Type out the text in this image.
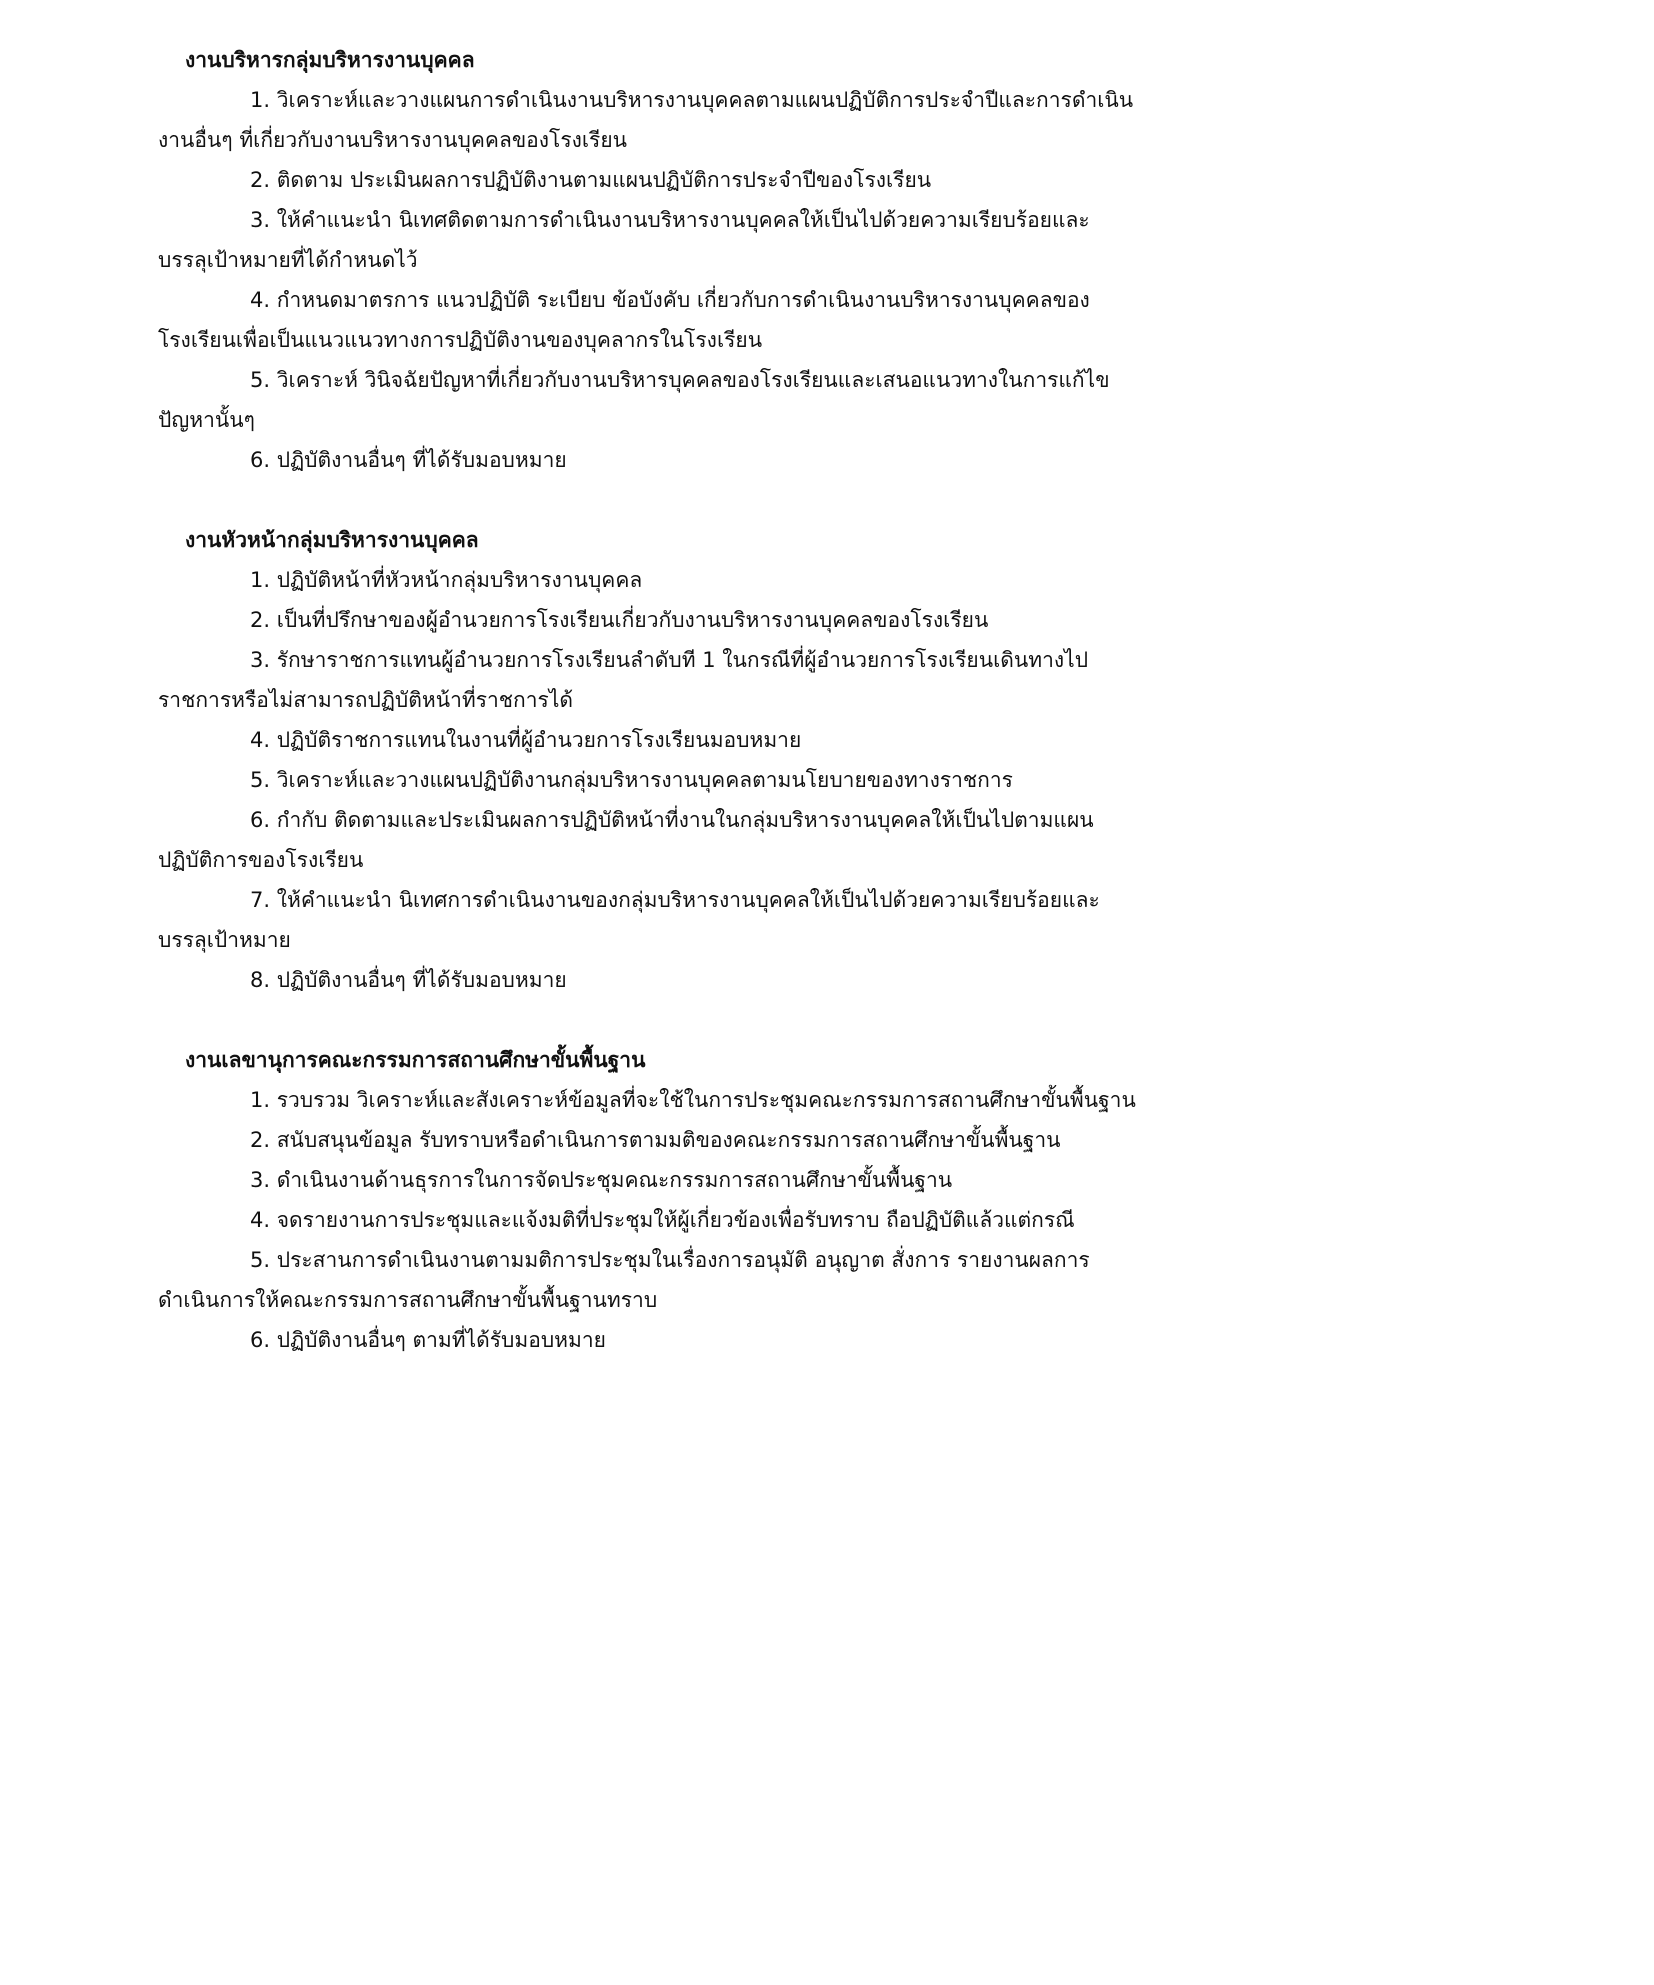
งานบริหารกลุ่มบริหารงานบุคคล

1. วิเคราะห์และวางแผนการดำเนินงานบริหารงานบุคคลตามแผนปฏิบัติการประจำปีและการดำเนินงานอื่นๆ ที่เกี่ยวกับงานบริหารงานบุคคลของโรงเรียน

2. ติดตาม ประเมินผลการปฏิบัติงานตามแผนปฏิบัติการประจำปีของโรงเรียน

3. ให้คำแนะนำ นิเทศติดตามการดำเนินงานบริหารงานบุคคลให้เป็นไปด้วยความเรียบร้อยและบรรลุเป้าหมายที่ได้กำหนดไว้

4. กำหนดมาตรการ แนวปฏิบัติ ระเบียบ ข้อบังคับ เกี่ยวกับการดำเนินงานบริหารงานบุคคลของโรงเรียนเพื่อเป็นแนวแนวทางการปฏิบัติงานของบุคลากรในโรงเรียน

5. วิเคราะห์ วินิจฉัยปัญหาที่เกี่ยวกับงานบริหารบุคคลของโรงเรียนและเสนอแนวทางในการแก้ไขปัญหานั้นๆ

6. ปฏิบัติงานอื่นๆ ที่ได้รับมอบหมาย

งานหัวหน้ากลุ่มบริหารงานบุคคล

1. ปฏิบัติหน้าที่หัวหน้ากลุ่มบริหารงานบุคคล

2. เป็นที่ปรึกษาของผู้อำนวยการโรงเรียนเกี่ยวกับงานบริหารงานบุคคลของโรงเรียน

3. รักษาราชการแทนผู้อำนวยการโรงเรียนลำดับที 1 ในกรณีที่ผู้อำนวยการโรงเรียนเดินทางไปราชการหรือไม่สามารถปฏิบัติหน้าที่ราชการได้

4. ปฏิบัติราชการแทนในงานที่ผู้อำนวยการโรงเรียนมอบหมาย

5. วิเคราะห์และวางแผนปฏิบัติงานกลุ่มบริหารงานบุคคลตามนโยบายของทางราชการ

6. กำกับ ติดตามและประเมินผลการปฏิบัติหน้าที่งานในกลุ่มบริหารงานบุคคลให้เป็นไปตามแผนปฏิบัติการของโรงเรียน

7. ให้คำแนะนำ นิเทศการดำเนินงานของกลุ่มบริหารงานบุคคลให้เป็นไปด้วยความเรียบร้อยและบรรลุเป้าหมาย

8. ปฏิบัติงานอื่นๆ ที่ได้รับมอบหมาย

งานเลขานุการคณะกรรมการสถานศึกษาขั้นพื้นฐาน

1. รวบรวม วิเคราะห์และสังเคราะห์ข้อมูลที่จะใช้ในการประชุมคณะกรรมการสถานศึกษาขั้นพื้นฐาน

2. สนับสนุนข้อมูล รับทราบหรือดำเนินการตามมติของคณะกรรมการสถานศึกษาขั้นพื้นฐาน

3. ดำเนินงานด้านธุรการในการจัดประชุมคณะกรรมการสถานศึกษาขั้นพื้นฐาน

4. จดรายงานการประชุมและแจ้งมติที่ประชุมให้ผู้เกี่ยวข้องเพื่อรับทราบ ถือปฏิบัติแล้วแต่กรณี

5. ประสานการดำเนินงานตามมติการประชุมในเรื่องการอนุมัติ อนุญาต สั่งการ รายงานผลการดำเนินการให้คณะกรรมการสถานศึกษาขั้นพื้นฐานทราบ

6. ปฏิบัติงานอื่นๆ ตามที่ได้รับมอบหมาย
